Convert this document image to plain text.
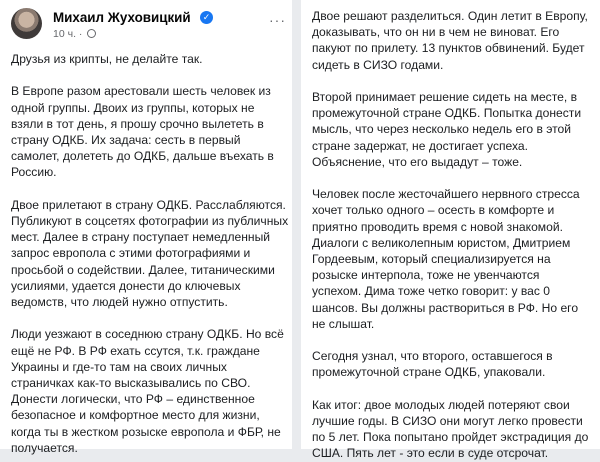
Михаил Жуховицкий	✓
10 ч. ·
···

Друзья из крипты, не делайте так.

В Европе разом арестовали шесть человек из

одной группы. Двоих из группы, которых не

взяли в тот день, я прошу срочно вылететь в

страну ОДКБ. Их задача: сесть в первый

самолет, долететь до ОДКБ, дальше въехать в

Россию.

Двое прилетают в страну ОДКБ. Расслабляются.

Публикуют в соцсетях фотографии из публичных

мест. Далее в страну поступает немедленный

запрос европола с этими фотографиями и

просьбой о содействии. Далее, титаническими

усилиями, удается донести до ключевых

ведомств, что людей нужно отпустить.

Люди уезжают в соседнюю страну ОДКБ. Но всё

ещё не РФ. В РФ ехать ссутся, т.к. граждане

Украины и где-то там на своих личных

страничках как-то высказывались по СВО.

Донести логически, что РФ – единственное

безопасное и комфортное место для жизни,

когда ты в жестком розыске европола и ФБР, не

получается.

Двое решают разделиться. Один летит в Европу,

доказывать, что он ни в чем не виноват. Его

пакуют по прилету. 13 пунктов обвинений. Будет

сидеть в СИЗО годами.

Второй принимает решение сидеть на месте, в

промежуточной стране ОДКБ. Попытка донести

мысль, что через несколько недель его в этой

стране задержат, не достигает успеха.

Объяснение, что его выдадут – тоже.

Человек после жесточайшего нервного стресса

хочет только одного – осесть в комфорте и

приятно проводить время с новой знакомой.

Диалоги с великолепным юристом, Дмитрием

Гордеевым, который специализируется на

розыске интерпола, тоже не увенчаются

успехом. Дима тоже четко говорит: у вас 0

шансов. Вы должны раствориться в РФ. Но его

не слышат.

Сегодня узнал, что второго, оставшегося в

промежуточной стране ОДКБ, упаковали.

Как итог: двое молодых людей потеряют свои

лучшие годы. В СИЗО они могут легко провести

по 5 лет. Пока попытано пройдет экстрадиция до

США. Пять лет - это если в суде отсрочат.
